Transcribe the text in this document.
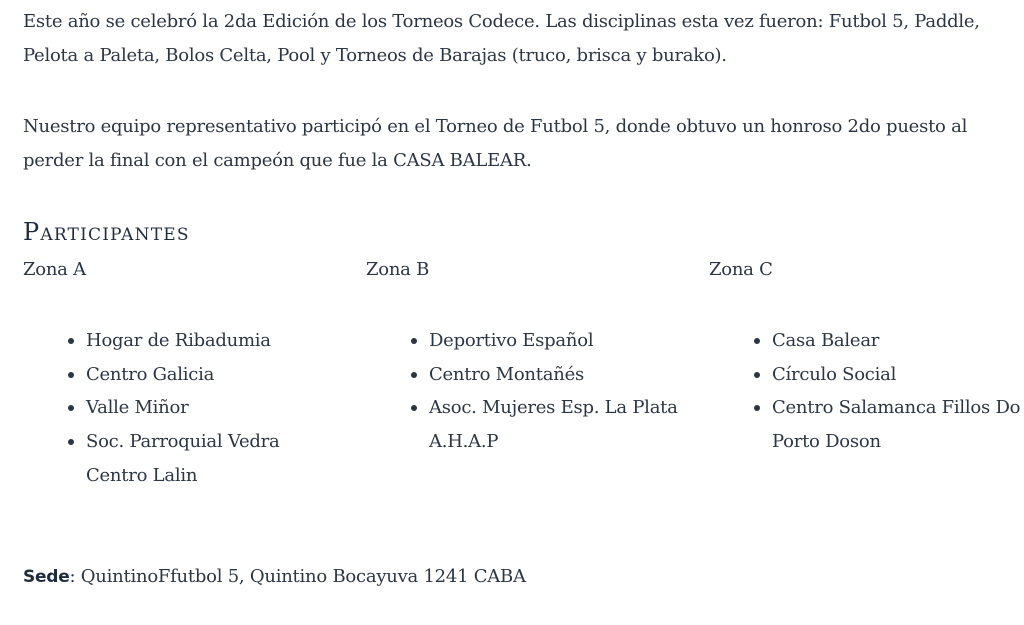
Este año se celebró la 2da Edición de los Torneos Codece. Las disciplinas esta vez fueron: Futbol 5, Paddle, Pelota a Paleta, Bolos Celta, Pool y Torneos de Barajas (truco, brisca y burako).

Nuestro equipo representativo participó en el Torneo de Futbol 5, donde obtuvo un honroso 2do puesto al perder la final con el campeón que fue la CASA BALEAR.

Participantes

Zona A

Hogar de Ribadumia
Centro Galicia
Valle Miñor
Soc. Parroquial Vedra Centro Lalin

Zona B

Deportivo Español
Centro Montañés
Asoc. Mujeres Esp. La Plata A.H.A.P

Zona C

Casa Balear
Círculo Social
Centro Salamanca Fillos Do Porto Doson

Sede: QuintinoFfutbol 5, Quintino Bocayuva 1241 CABA
